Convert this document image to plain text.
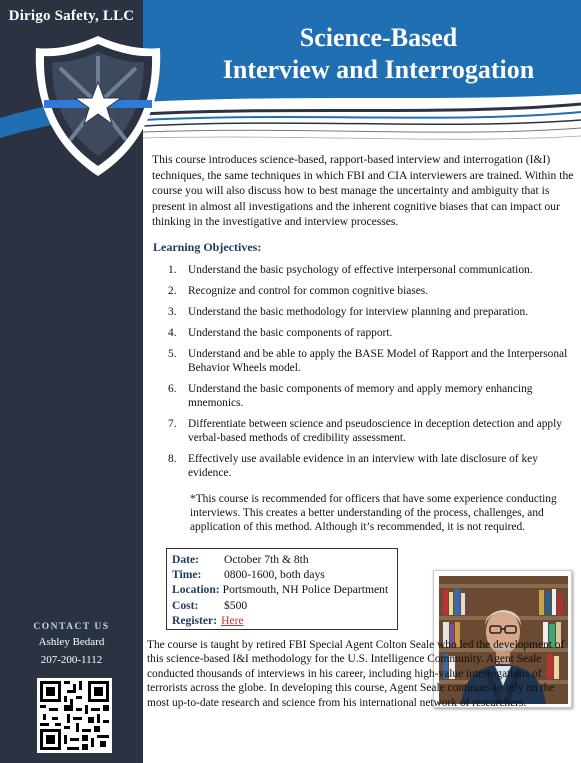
Dirigo Safety, LLC
TM
Science-Based
Interview and Interrogation

This course introduces science-based, rapport-based interview and interrogation (I&I) techniques, the same techniques in which FBI and CIA interviewers are trained. Within the course you will also discuss how to best manage the uncertainty and ambiguity that is present in almost all investigations and the inherent cognitive biases that can impact our thinking in the investigative and interview processes.

Learning Objectives:
1. Understand the basic psychology of effective interpersonal communication.
2. Recognize and control for common cognitive biases.
3. Understand the basic methodology for interview planning and preparation.
4. Understand the basic components of rapport.
5. Understand and be able to apply the BASE Model of Rapport and the Interpersonal Behavior Wheels model.
6. Understand the basic components of memory and apply memory enhancing mnemonics.
7. Differentiate between science and pseudoscience in deception detection and apply verbal-based methods of credibility assessment.
8. Effectively use available evidence in an interview with late disclosure of key evidence.

*This course is recommended for officers that have some experience conducting interviews. This creates a better understanding of the process, challenges, and application of this method. Although it’s recommended, it is not required.

Date:	October 7th & 8th
Time:	0800-1600, both days
Location: Portsmouth, NH Police Department
Cost:	$500
Register: Here

The course is taught by retired FBI Special Agent Colton Seale who led the development of this science-based I&I methodology for the U.S. Intelligence Community. Agent Seale conducted thousands of interviews in his career, including high-value interrogations of terrorists across the globe. In developing this course, Agent Seale continues to rely on the most up-to-date research and science from his international network of researchers.

CONTACT US
Ashley Bedard
207-200-1112
